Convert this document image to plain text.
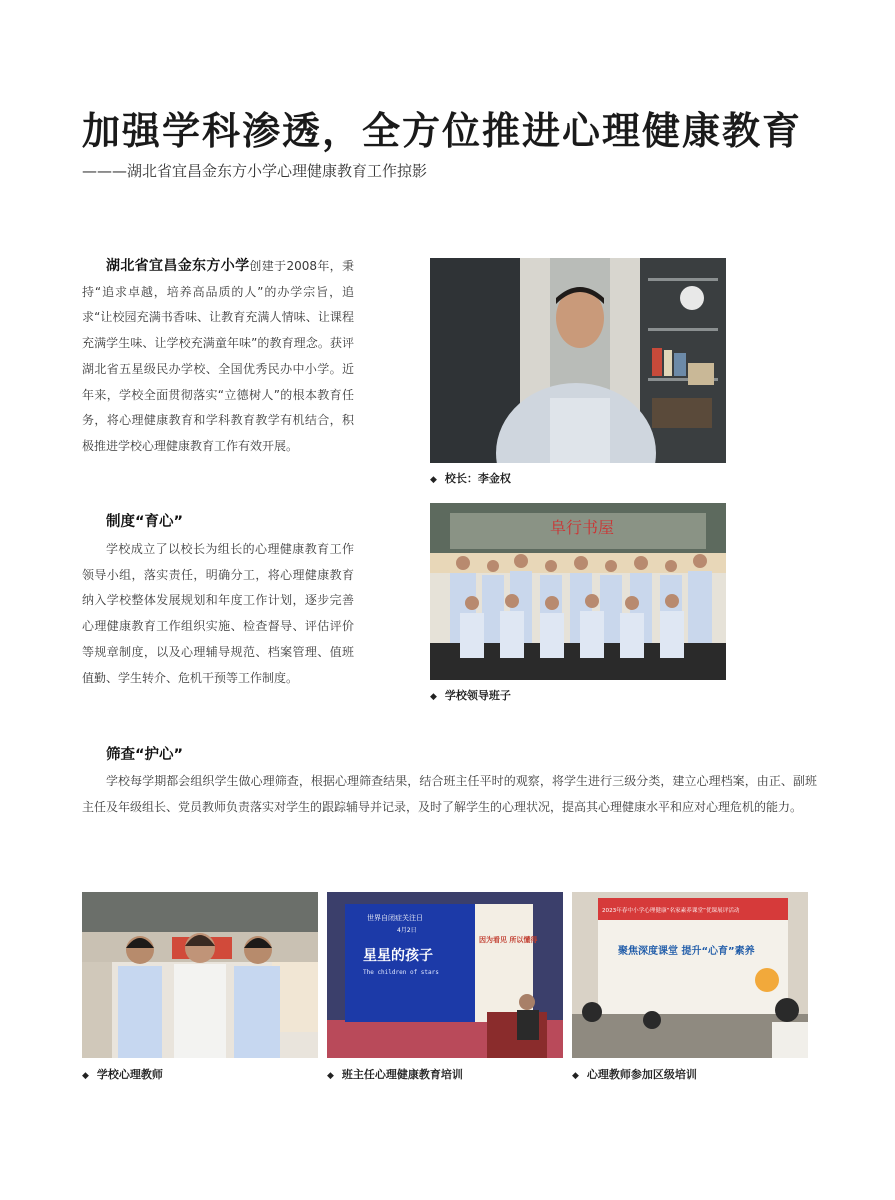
加强学科渗透，全方位推进心理健康教育
———湖北省宜昌金东方小学心理健康教育工作掠影

湖北省宜昌金东方小学创建于2008年，秉持“追求卓越，培养高品质的人”的办学宗旨，追求“让校园充满书香味、让教育充满人情味、让课程充满学生味、让学校充满童年味”的教育理念。获评湖北省五星级民办学校、全国优秀民办中小学。近年来，学校全面贯彻落实“立德树人”的根本教育任务，将心理健康教育和学科教育教学有机结合，积极推进学校心理健康教育工作有效开展。

制度“育心”

学校成立了以校长为组长的心理健康教育工作领导小组，落实责任，明确分工，将心理健康教育纳入学校整体发展规划和年度工作计划，逐步完善心理健康教育工作组织实施、检查督导、评估评价等规章制度，以及心理辅导规范、档案管理、值班值勤、学生转介、危机干预等工作制度。

◆ 校长：李金权
阜行书屋
◆ 学校领导班子
筛查“护心”

学校每学期都会组织学生做心理筛查，根据心理筛查结果，结合班主任平时的观察，将学生进行三级分类，建立心理档案，由正、副班主任及年级组长、党员教师负责落实对学生的跟踪辅导并记录，及时了解学生的心理状况，提高其心理健康水平和应对心理危机的能力。

◆ 学校心理教师
世界自闭症关注日
4月2日
星星的孩子
The children of stars
因为看见 所以懂得
◆ 班主任心理健康教育培训
2023年春中小学心理健康“名家素养课堂”优课展评活动
聚焦深度课堂 提升“心育”素养
◆ 心理教师参加区级培训
